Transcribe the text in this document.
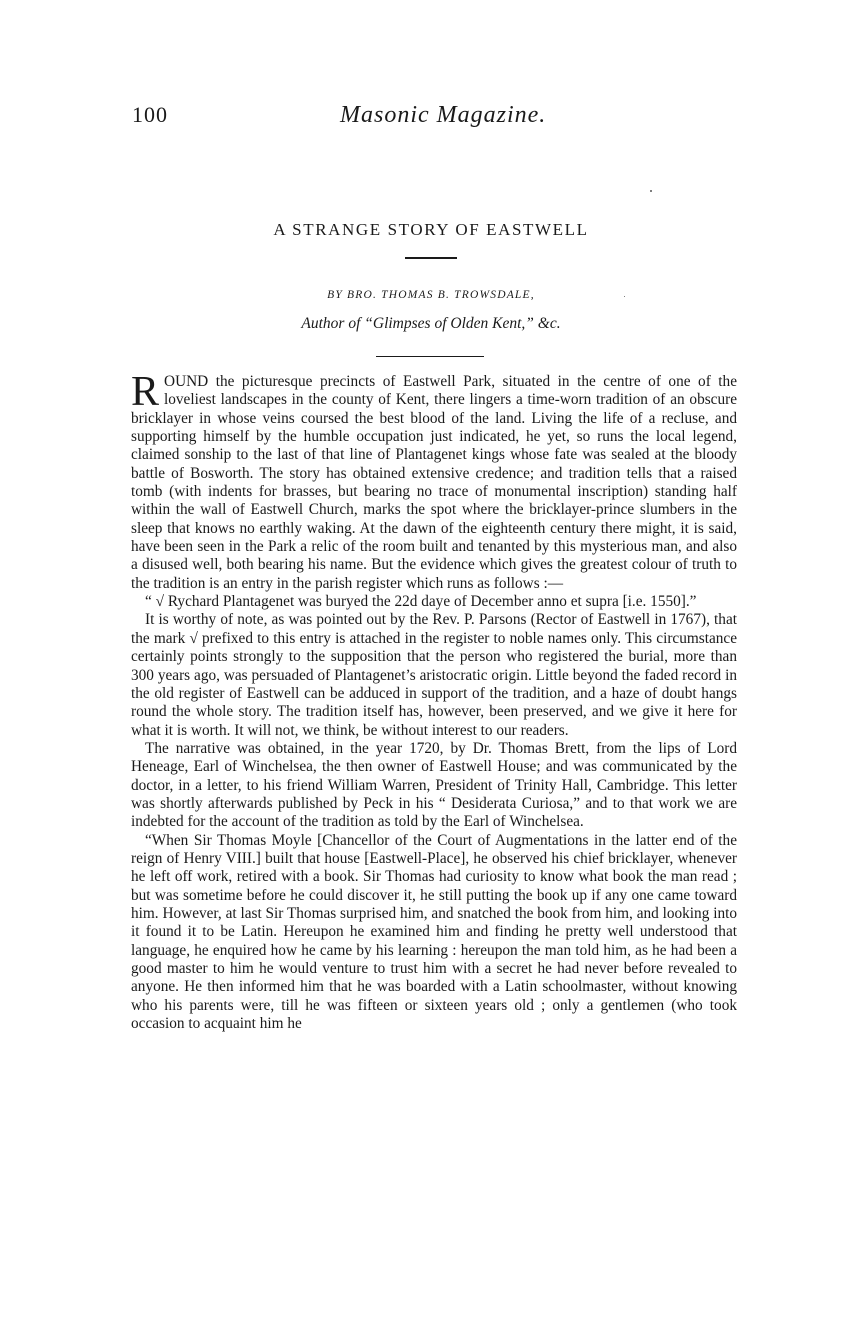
100	Masonic Magazine.
A STRANGE STORY OF EASTWELL
BY BRO. THOMAS B. TROWSDALE,
Author of “Glimpses of Olden Kent,” &c.

ROUND the picturesque precincts of Eastwell Park, situated in the centre of one of the loveliest landscapes in the county of Kent, there lingers a time-worn tradition of an obscure bricklayer in whose veins coursed the best blood of the land. Living the life of a recluse, and supporting himself by the humble occupation just indicated, he yet, so runs the local legend, claimed sonship to the last of that line of Plantagenet kings whose fate was sealed at the bloody battle of Bosworth. The story has obtained extensive credence; and tradition tells that a raised tomb (with indents for brasses, but bearing no trace of monumental inscription) standing half within the wall of Eastwell Church, marks the spot where the bricklayer-prince slumbers in the sleep that knows no earthly waking. At the dawn of the eighteenth century there might, it is said, have been seen in the Park a relic of the room built and tenanted by this mysterious man, and also a disused well, both bearing his name. But the evidence which gives the greatest colour of truth to the tradition is an entry in the parish register which runs as follows :—

“ √ Rychard Plantagenet was buryed the 22d daye of December anno et supra [i.e. 1550].”

It is worthy of note, as was pointed out by the Rev. P. Parsons (Rector of Eastwell in 1767), that the mark √ prefixed to this entry is attached in the register to noble names only. This circumstance certainly points strongly to the supposition that the person who registered the burial, more than 300 years ago, was persuaded of Plantagenet’s aristocratic origin. Little beyond the faded record in the old register of Eastwell can be adduced in support of the tradition, and a haze of doubt hangs round the whole story. The tradition itself has, however, been preserved, and we give it here for what it is worth. It will not, we think, be without interest to our readers.

The narrative was obtained, in the year 1720, by Dr. Thomas Brett, from the lips of Lord Heneage, Earl of Winchelsea, the then owner of Eastwell House; and was communicated by the doctor, in a letter, to his friend William Warren, President of Trinity Hall, Cambridge. This letter was shortly afterwards published by Peck in his “ Desiderata Curiosa,” and to that work we are indebted for the account of the tradition as told by the Earl of Winchelsea.

“When Sir Thomas Moyle [Chancellor of the Court of Augmentations in the latter end of the reign of Henry VIII.] built that house [Eastwell-Place], he observed his chief bricklayer, whenever he left off work, retired with a book. Sir Thomas had curiosity to know what book the man read ; but was sometime before he could discover it, he still putting the book up if any one came toward him. However, at last Sir Thomas surprised him, and snatched the book from him, and looking into it found it to be Latin. Hereupon he examined him and finding he pretty well understood that language, he enquired how he came by his learning : hereupon the man told him, as he had been a good master to him he would venture to trust him with a secret he had never before revealed to anyone. He then informed him that he was boarded with a Latin schoolmaster, without knowing who his parents were, till he was fifteen or sixteen years old ; only a gentlemen (who took occasion to acquaint him he
